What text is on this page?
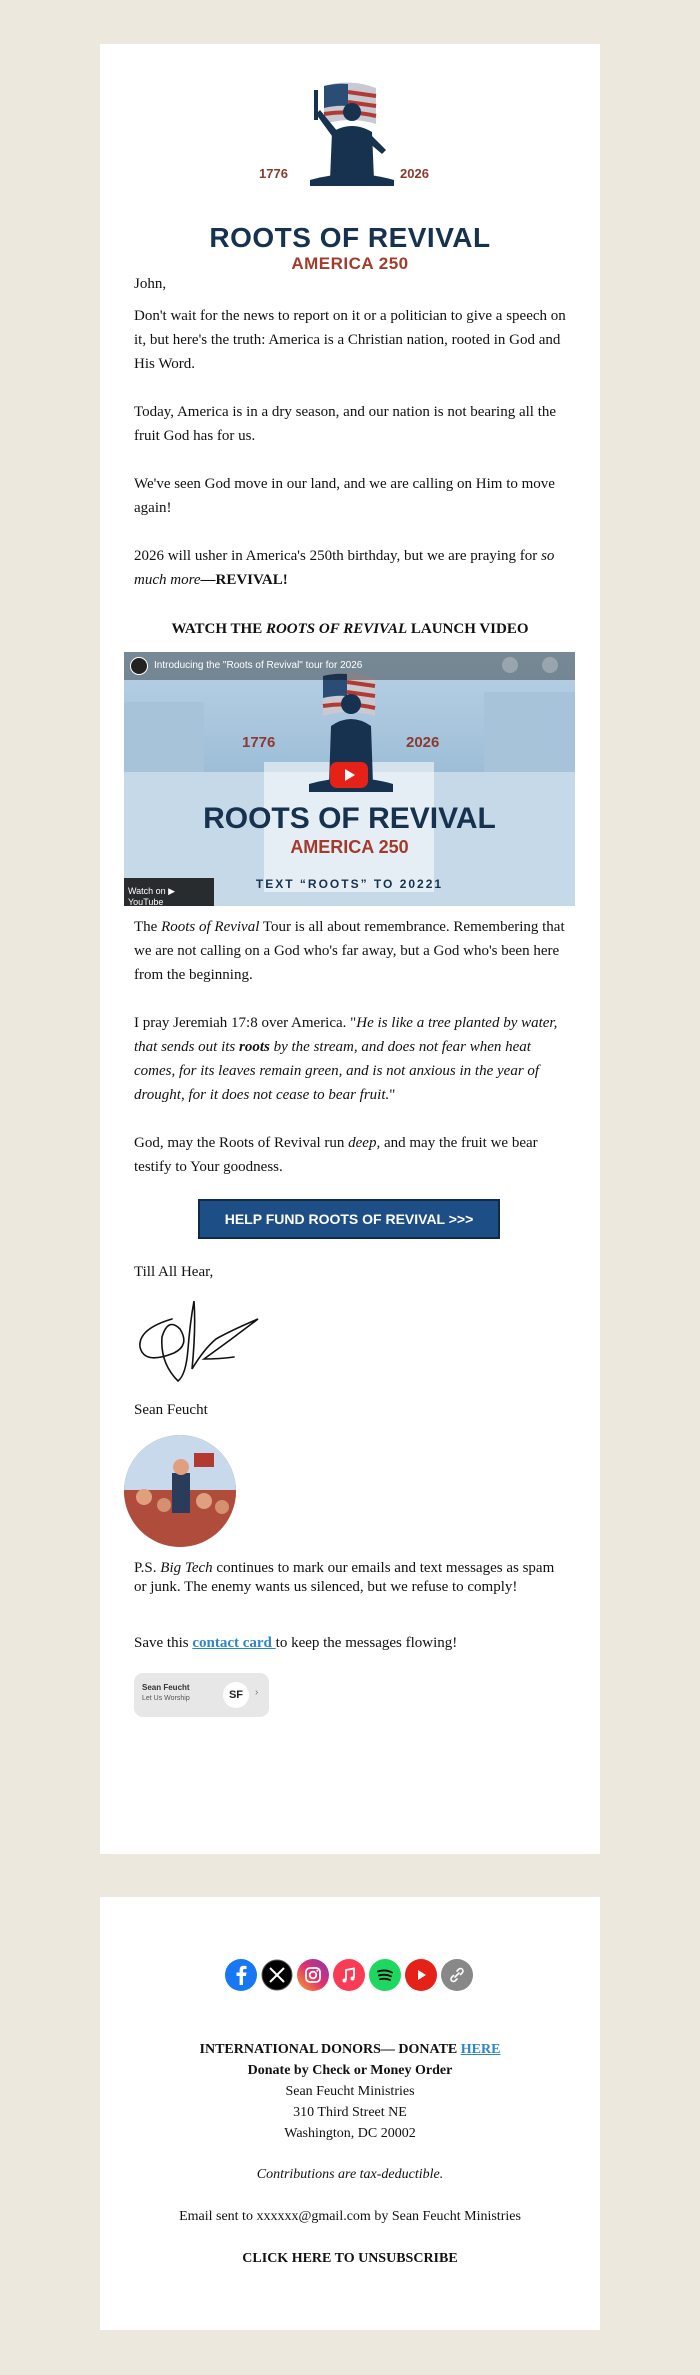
1776	2026
ROOTS OF REVIVAL
AMERICA 250
John,
Don't wait for the news to report on it or a politician to give a speech on it, but here's the truth: America is a Christian nation, rooted in God and His Word.
Today, America is in a dry season, and our nation is not bearing all the fruit God has for us.
We've seen God move in our land, and we are calling on Him to move again!
2026 will usher in America's 250th birthday, but we are praying for so much more—REVIVAL!
WATCH THE ROOTS OF REVIVAL LAUNCH VIDEO
Introducing the "Roots of Revival" tour for 2026
1776	2026
ROOTS OF REVIVAL
AMERICA 250
TEXT “ROOTS” TO 20221
Watch on ▶ YouTube
The Roots of Revival Tour is all about remembrance. Remembering that we are not calling on a God who's far away, but a God who's been here from the beginning.
I pray Jeremiah 17:8 over America. "He is like a tree planted by water, that sends out its roots by the stream, and does not fear when heat comes, for its leaves remain green, and is not anxious in the year of drought, for it does not cease to bear fruit."
God, may the Roots of Revival run deep, and may the fruit we bear testify to Your goodness.
HELP FUND ROOTS OF REVIVAL >>>
Till All Hear,
Sean Feucht
P.S. Big Tech continues to mark our emails and text messages as spam or junk. The enemy wants us silenced, but we refuse to comply!
Save this contact card to keep the messages flowing!
Sean Feucht
Let Us Worship	SF	›
INTERNATIONAL DONORS— DONATE HERE
Donate by Check or Money Order
Sean Feucht Ministries
310 Third Street NE
Washington, DC 20002
Contributions are tax-deductible.
Email sent to xxxxxx@gmail.com by Sean Feucht Ministries
CLICK HERE TO UNSUBSCRIBE
